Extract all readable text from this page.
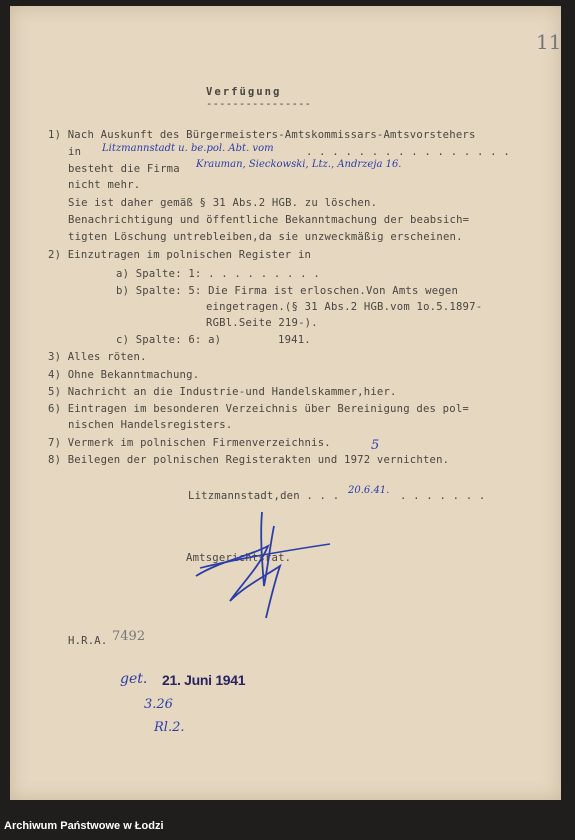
11
Verfügung
----------------
1) Nach Auskunft des Bürgermeisters-Amtskommissars-Amtsvorstehers
in Litzmannstadt u. be.pol. Abt. vom	. . . . . . . . . . . . . . . .
besteht die Firma Krauman, Sieckowski, Ltz., Andrzeja 16.
nicht mehr.
Sie ist daher gemäß § 31 Abs.2 HGB. zu löschen.
Benachrichtigung und öffentliche Bekanntmachung der beabsich=
tigten Löschung untrebleiben,da sie unzweckmäßig erscheinen.
2) Einzutragen im polnischen Register in
a) Spalte: 1: . . . . . . . . .
b) Spalte: 5: Die Firma ist erloschen.Von Amts wegen
eingetragen.(§ 31 Abs.2 HGB.vom 1o.5.1897-
RGBl.Seite 219-).
c) Spalte: 6: a)	1941.
3) Alles röten.
4) Ohne Bekanntmachung.
5) Nachricht an die Industrie-und Handelskammer,hier.
6) Eintragen im besonderen Verzeichnis über Bereinigung des pol=
nischen Handelsregisters.
7) Vermerk im polnischen Firmenverzeichnis.	5
8) Beilegen der polnischen Registerakten und 1972 vernichten.
Litzmannstadt,den . . . 20.6.41. . . . . . . .
Amtsgerichtsrat.
H.R.A. 7492
get. 21. Juni 1941
3.26
Rl.2.
Archiwum Państwowe w Łodzi
